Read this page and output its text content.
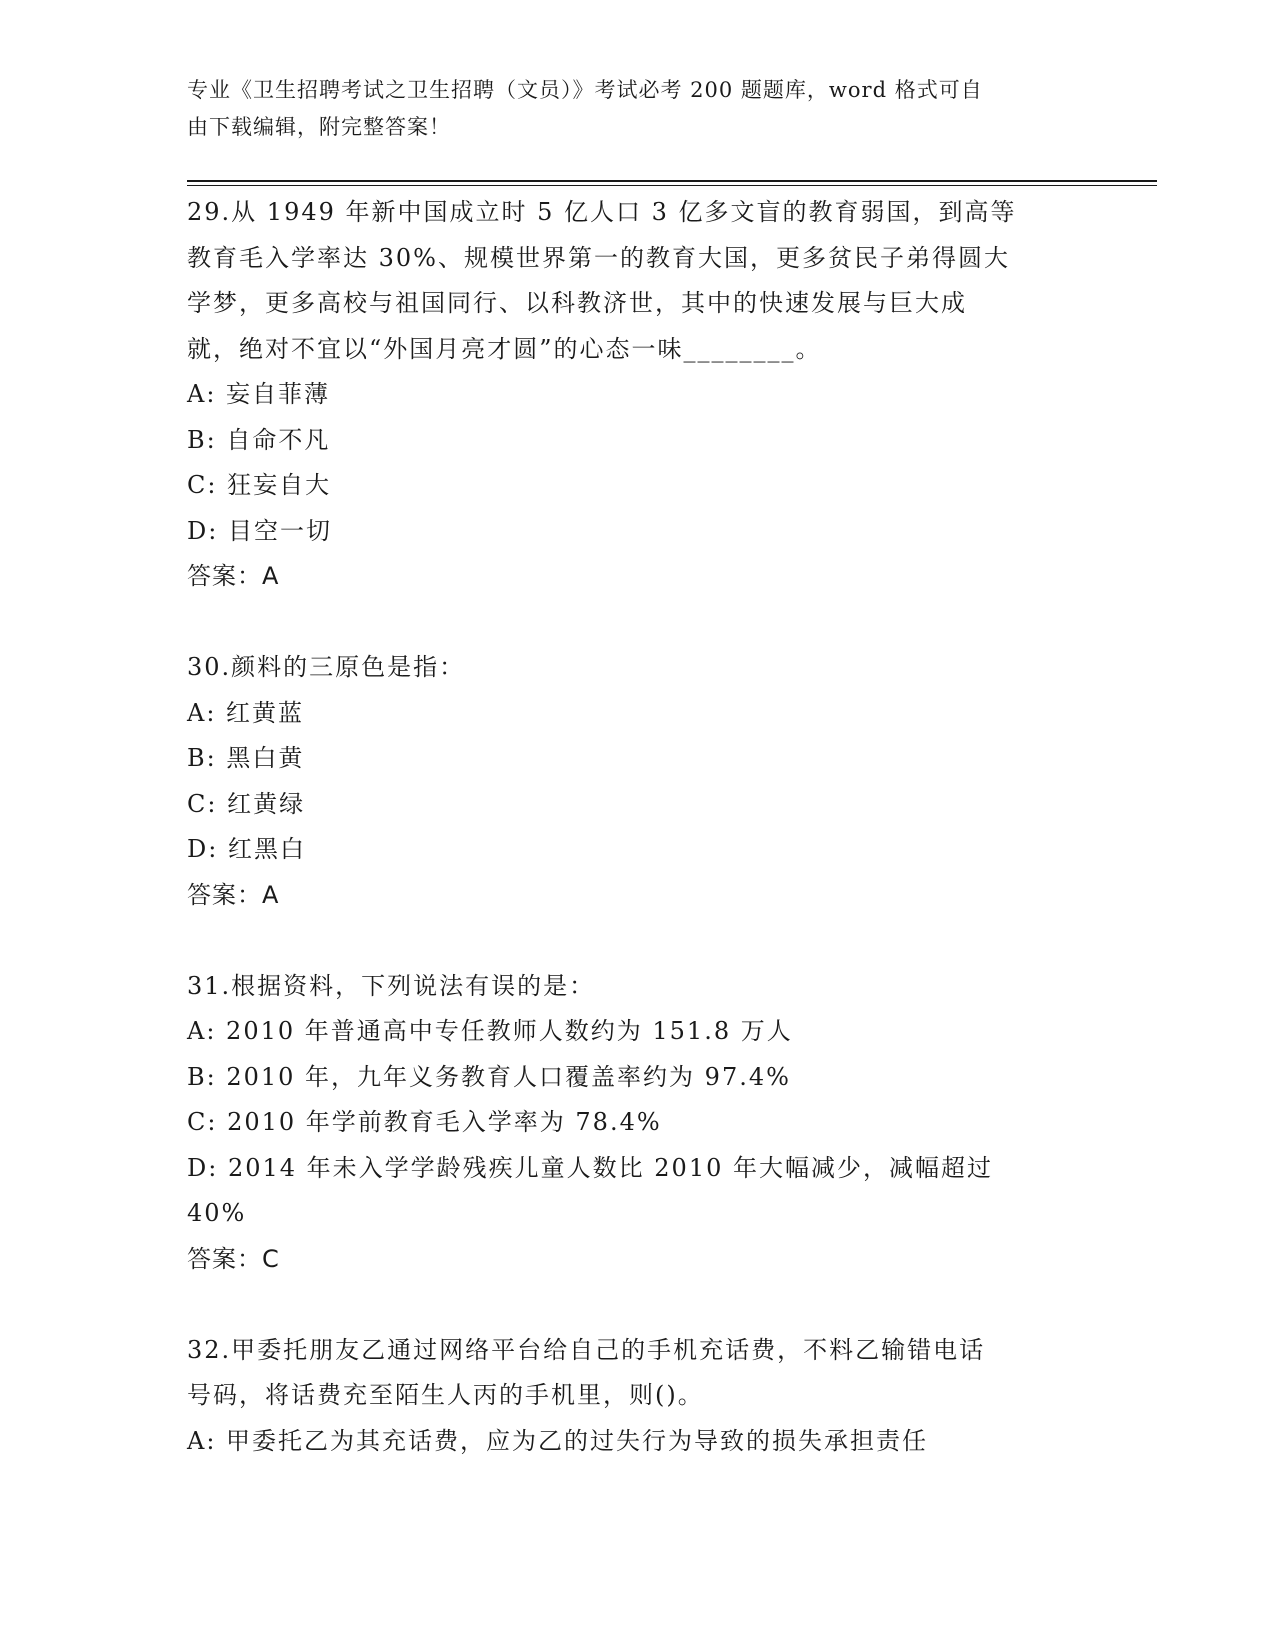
专业《卫生招聘考试之卫生招聘（文员）》考试必考 200 题题库，word 格式可自
由下载编辑，附完整答案！
29.从 1949 年新中国成立时 5 亿人口 3 亿多文盲的教育弱国，到高等
教育毛入学率达 30%、规模世界第一的教育大国，更多贫民子弟得圆大
学梦，更多高校与祖国同行、以科教济世，其中的快速发展与巨大成
就，绝对不宜以“外国月亮才圆”的心态一味________。
A: 妄自菲薄
B: 自命不凡
C: 狂妄自大
D: 目空一切
答案：A
30.颜料的三原色是指：
A: 红黄蓝
B: 黑白黄
C: 红黄绿
D: 红黑白
答案：A
31.根据资料，下列说法有误的是：
A: 2010 年普通高中专任教师人数约为 151.8 万人
B: 2010 年，九年义务教育人口覆盖率约为 97.4%
C: 2010 年学前教育毛入学率为 78.4%
D: 2014 年未入学学龄残疾儿童人数比 2010 年大幅减少，减幅超过
40%
答案：C
32.甲委托朋友乙通过网络平台给自己的手机充话费，不料乙输错电话
号码，将话费充至陌生人丙的手机里，则()。
A: 甲委托乙为其充话费，应为乙的过失行为导致的损失承担责任
